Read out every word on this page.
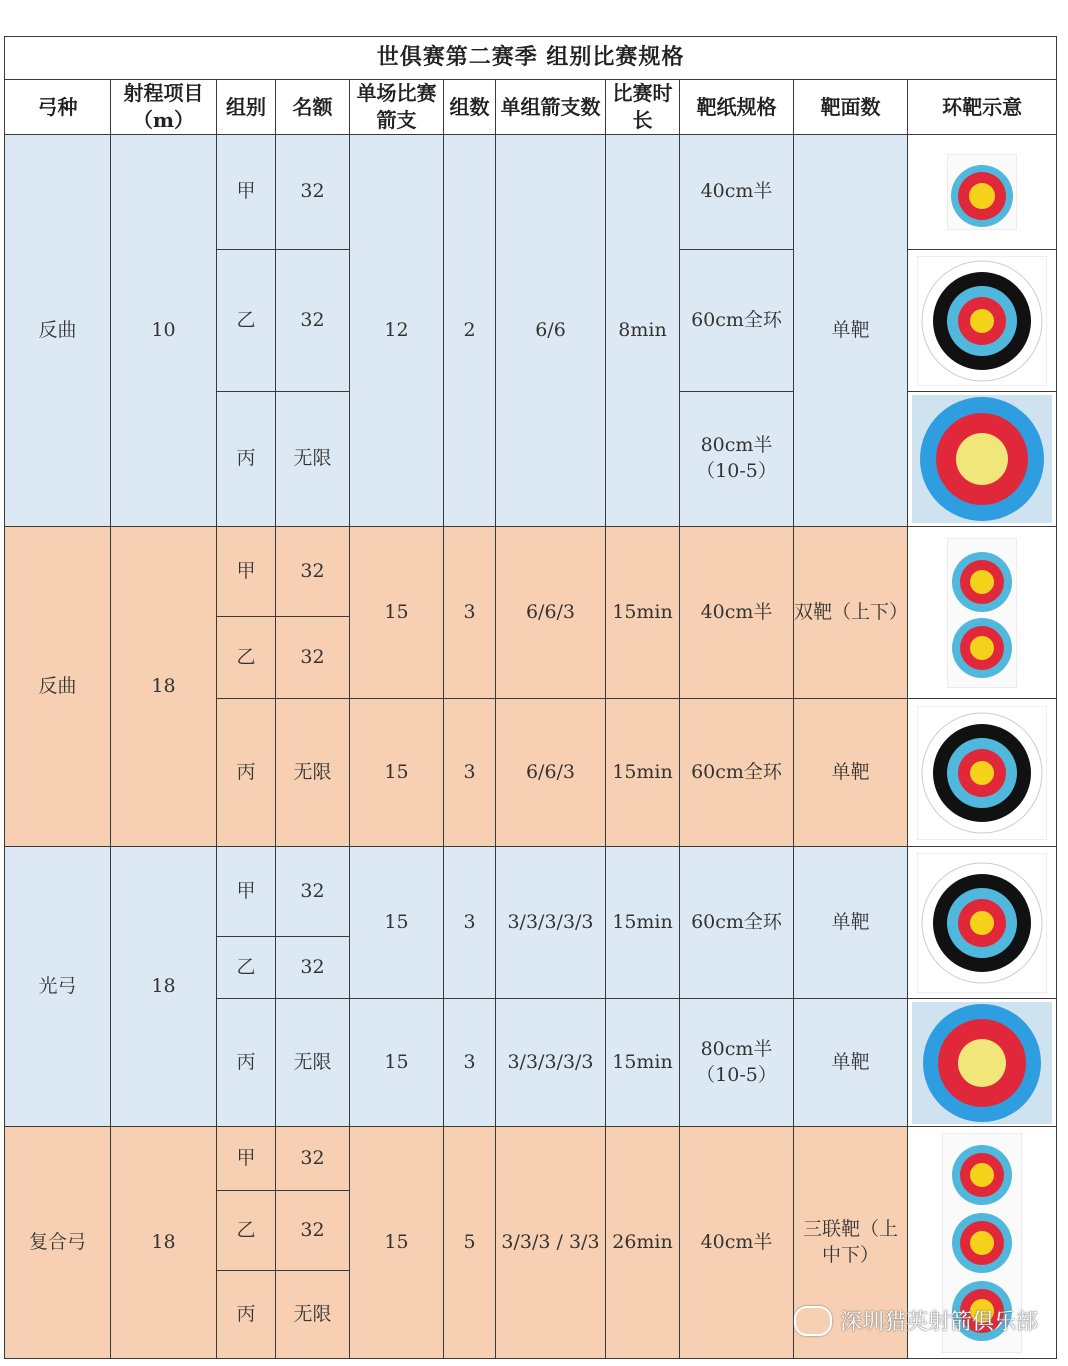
世俱赛第二赛季 组别比赛规格										
弓种	射程项目（m）	组别	名额	单场比赛箭支	组数	单组箭支数	比赛时长	靶纸规格	靶面数	环靶示意
反曲	10	甲	32	12	2	6/6	8min	40cm半	单靶	

		乙	32					60cm全环	

		丙	无限					80cm半（10-5）	

反曲	18	甲	32	15	3	6/6/3	15min	40cm半	双靶（上下）	

		乙	32							
		丙	无限	15	3	6/6/3	15min	60cm全环	单靶	

光弓	18	甲	32	15	3	3/3/3/3/3	15min	60cm全环	单靶	

		乙	32							
		丙	无限	15	3	3/3/3/3/3	15min	80cm半（10-5）	单靶	

复合弓	18	甲	32	15	5	3/3/3 / 3/3	26min	40cm半	三联靶（上中下）	

		乙	32							
		丙	无限								深圳猎英射箭俱乐部
